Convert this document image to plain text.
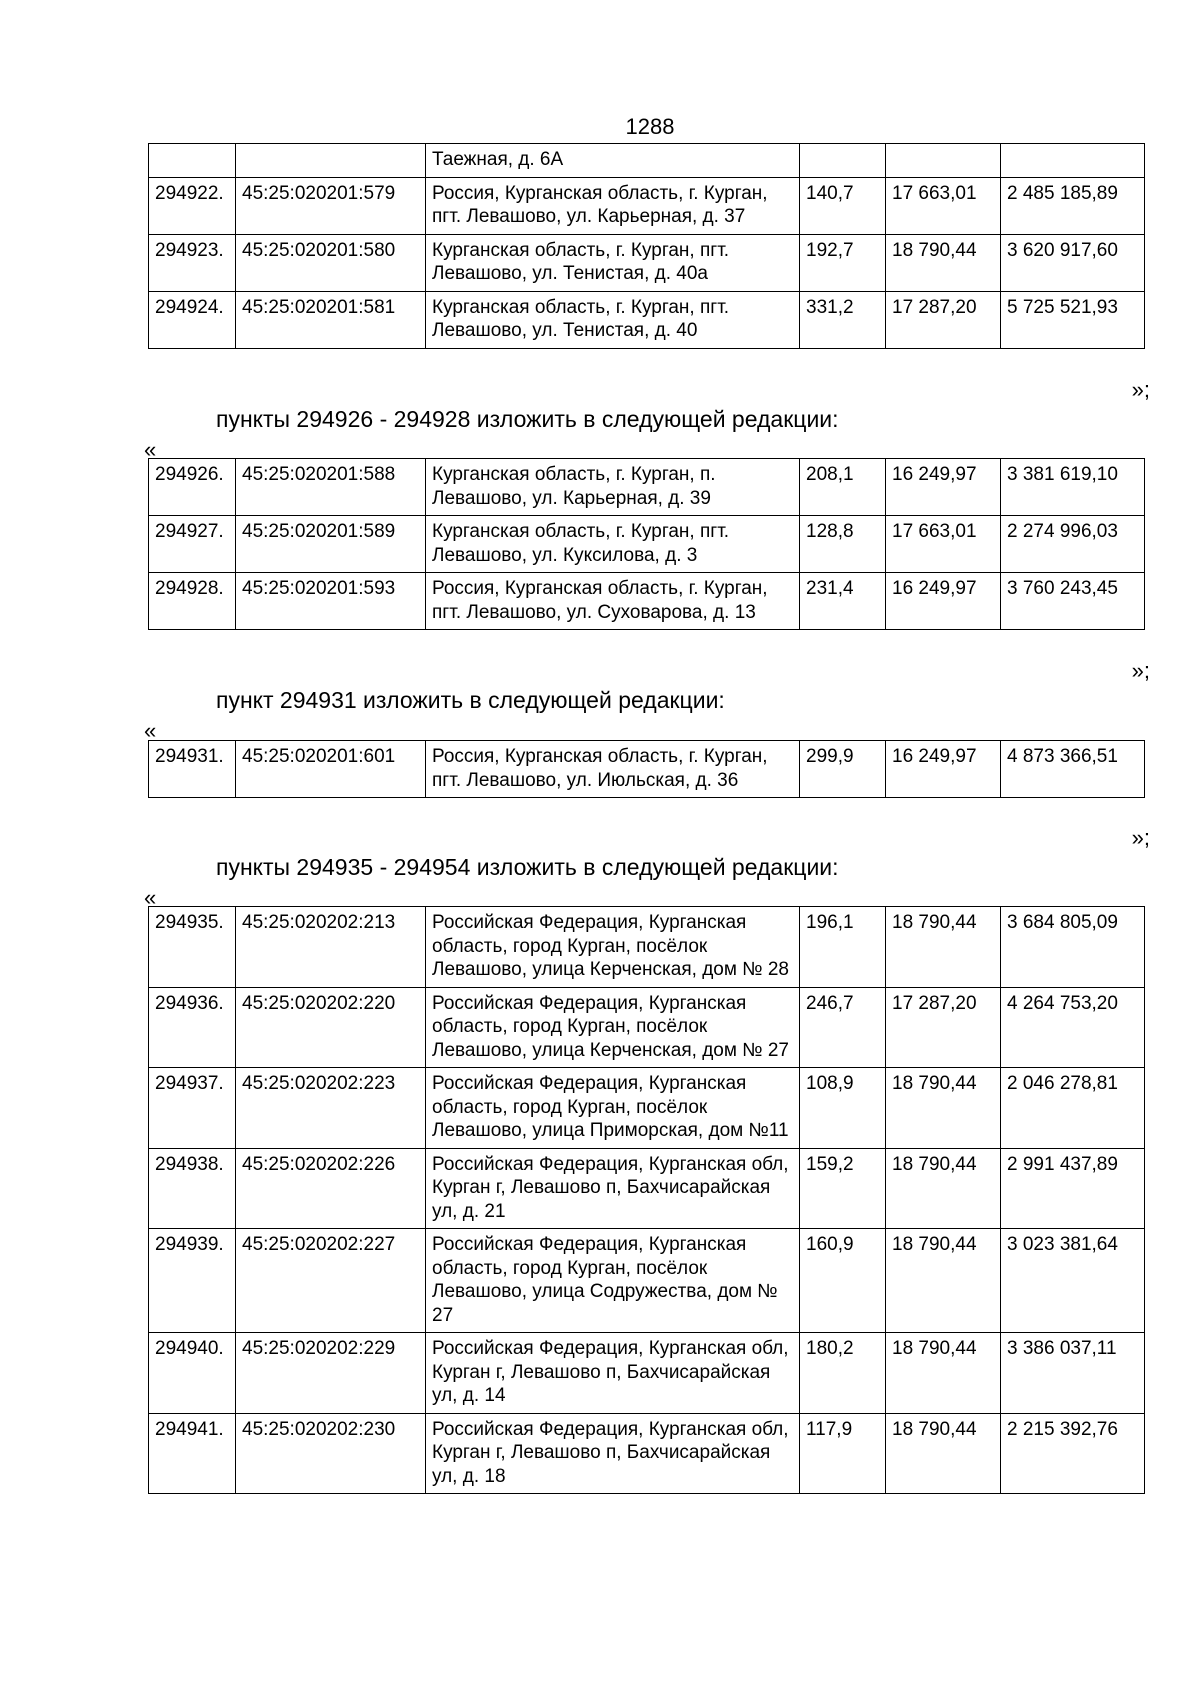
1288
		Таежная, д. 6А			
294922.	45:25:020201:579	Россия, Курганская область, г. Курган, пгт. Левашово, ул. Карьерная, д. 37	140,7	17 663,01	2 485 185,89
294923.	45:25:020201:580	Курганская область, г. Курган, пгт. Левашово, ул. Тенистая, д. 40а	192,7	18 790,44	3 620 917,60
294924.	45:25:020201:581	Курганская область, г. Курган, пгт. Левашово, ул. Тенистая, д. 40	331,2	17 287,20	5 725 521,93
»;
пункты 294926 - 294928 изложить в следующей редакции:
«
294926.	45:25:020201:588	Курганская область, г. Курган, п. Левашово, ул. Карьерная, д. 39	208,1	16 249,97	3 381 619,10
294927.	45:25:020201:589	Курганская область, г. Курган, пгт. Левашово, ул. Куксилова, д. 3	128,8	17 663,01	2 274 996,03
294928.	45:25:020201:593	Россия, Курганская область, г. Курган, пгт. Левашово, ул. Суховарова, д. 13	231,4	16 249,97	3 760 243,45
»;
пункт 294931 изложить в следующей редакции:
«
294931.	45:25:020201:601	Россия, Курганская область, г. Курган, пгт. Левашово, ул. Июльская, д. 36	299,9	16 249,97	4 873 366,51
»;
пункты 294935 - 294954 изложить в следующей редакции:
«
294935.	45:25:020202:213	Российская Федерация, Курганская область, город Курган, посёлок Левашово, улица Керченская, дом № 28	196,1	18 790,44	3 684 805,09
294936.	45:25:020202:220	Российская Федерация, Курганская область, город Курган, посёлок Левашово, улица Керченская, дом № 27	246,7	17 287,20	4 264 753,20
294937.	45:25:020202:223	Российская Федерация, Курганская область, город Курган, посёлок Левашово, улица Приморская, дом №11	108,9	18 790,44	2 046 278,81
294938.	45:25:020202:226	Российская Федерация, Курганская обл, Курган г, Левашово п, Бахчисарайская ул, д. 21	159,2	18 790,44	2 991 437,89
294939.	45:25:020202:227	Российская Федерация, Курганская область, город Курган, посёлок Левашово, улица Содружества, дом № 27	160,9	18 790,44	3 023 381,64
294940.	45:25:020202:229	Российская Федерация, Курганская обл, Курган г, Левашово п, Бахчисарайская ул, д. 14	180,2	18 790,44	3 386 037,11
294941.	45:25:020202:230	Российская Федерация, Курганская обл, Курган г, Левашово п, Бахчисарайская ул, д. 18	117,9	18 790,44	2 215 392,76
